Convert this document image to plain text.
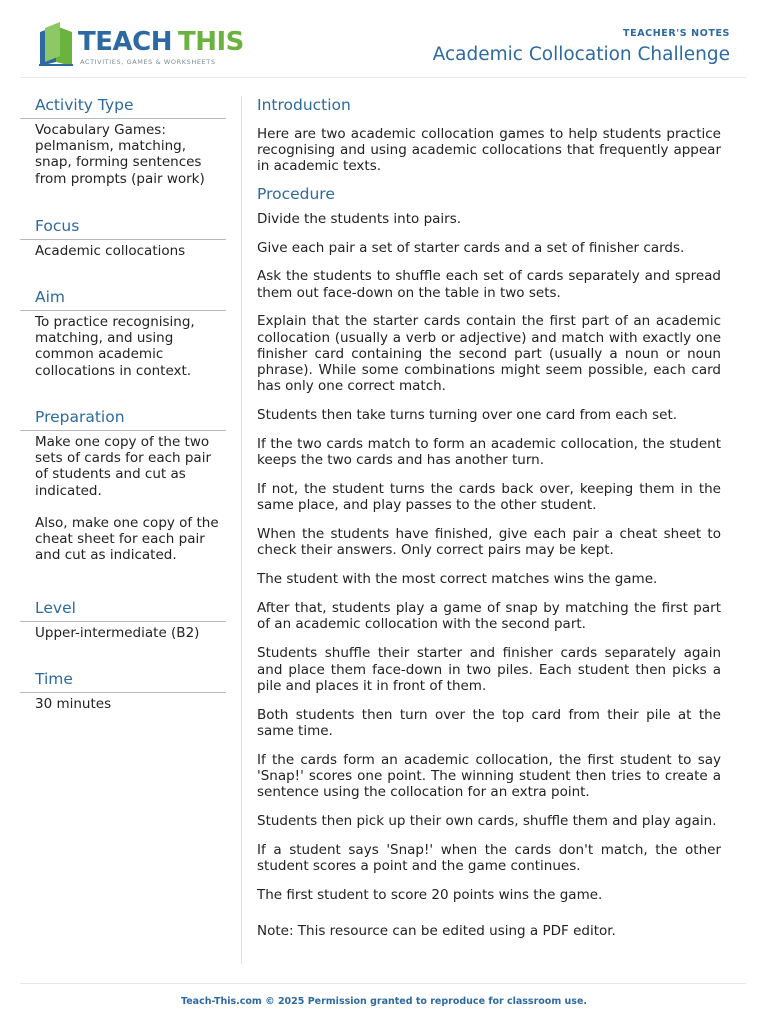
TEACH THIS
ACTIVITIES, GAMES & WORKSHEETS
TEACHER'S NOTES
Academic Collocation Challenge
Activity Type

Vocabulary Games: pelmanism, matching, snap, forming sentences from prompts (pair work)

Focus

Academic collocations

Aim

To practice recognising, matching, and using common academic collocations in context.

Preparation

Make one copy of the two sets of cards for each pair of students and cut as indicated.

Also, make one copy of the cheat sheet for each pair and cut as indicated.

Level

Upper-intermediate (B2)

Time

30 minutes

Introduction

Here are two academic collocation games to help students practice recognising and using academic collocations that frequently appear in academic texts.

Procedure

Divide the students into pairs.

Give each pair a set of starter cards and a set of finisher cards.

Ask the students to shuffle each set of cards separately and spread them out face-down on the table in two sets.

Explain that the starter cards contain the first part of an academic collocation (usually a verb or adjective) and match with exactly one finisher card containing the second part (usually a noun or noun phrase). While some combinations might seem possible, each card has only one correct match.

Students then take turns turning over one card from each set.

If the two cards match to form an academic collocation, the student keeps the two cards and has another turn.

If not, the student turns the cards back over, keeping them in the same place, and play passes to the other student.

When the students have finished, give each pair a cheat sheet to check their answers. Only correct pairs may be kept.

The student with the most correct matches wins the game.

After that, students play a game of snap by matching the first part of an academic collocation with the second part.

Students shuffle their starter and finisher cards separately again and place them face-down in two piles. Each student then picks a pile and places it in front of them.

Both students then turn over the top card from their pile at the same time.

If the cards form an academic collocation, the first student to say 'Snap!' scores one point. The winning student then tries to create a sentence using the collocation for an extra point.

Students then pick up their own cards, shuffle them and play again.

If a student says 'Snap!' when the cards don't match, the other student scores a point and the game continues.

The first student to score 20 points wins the game.

Note: This resource can be edited using a PDF editor.

Teach-This.com © 2025 Permission granted to reproduce for classroom use.
